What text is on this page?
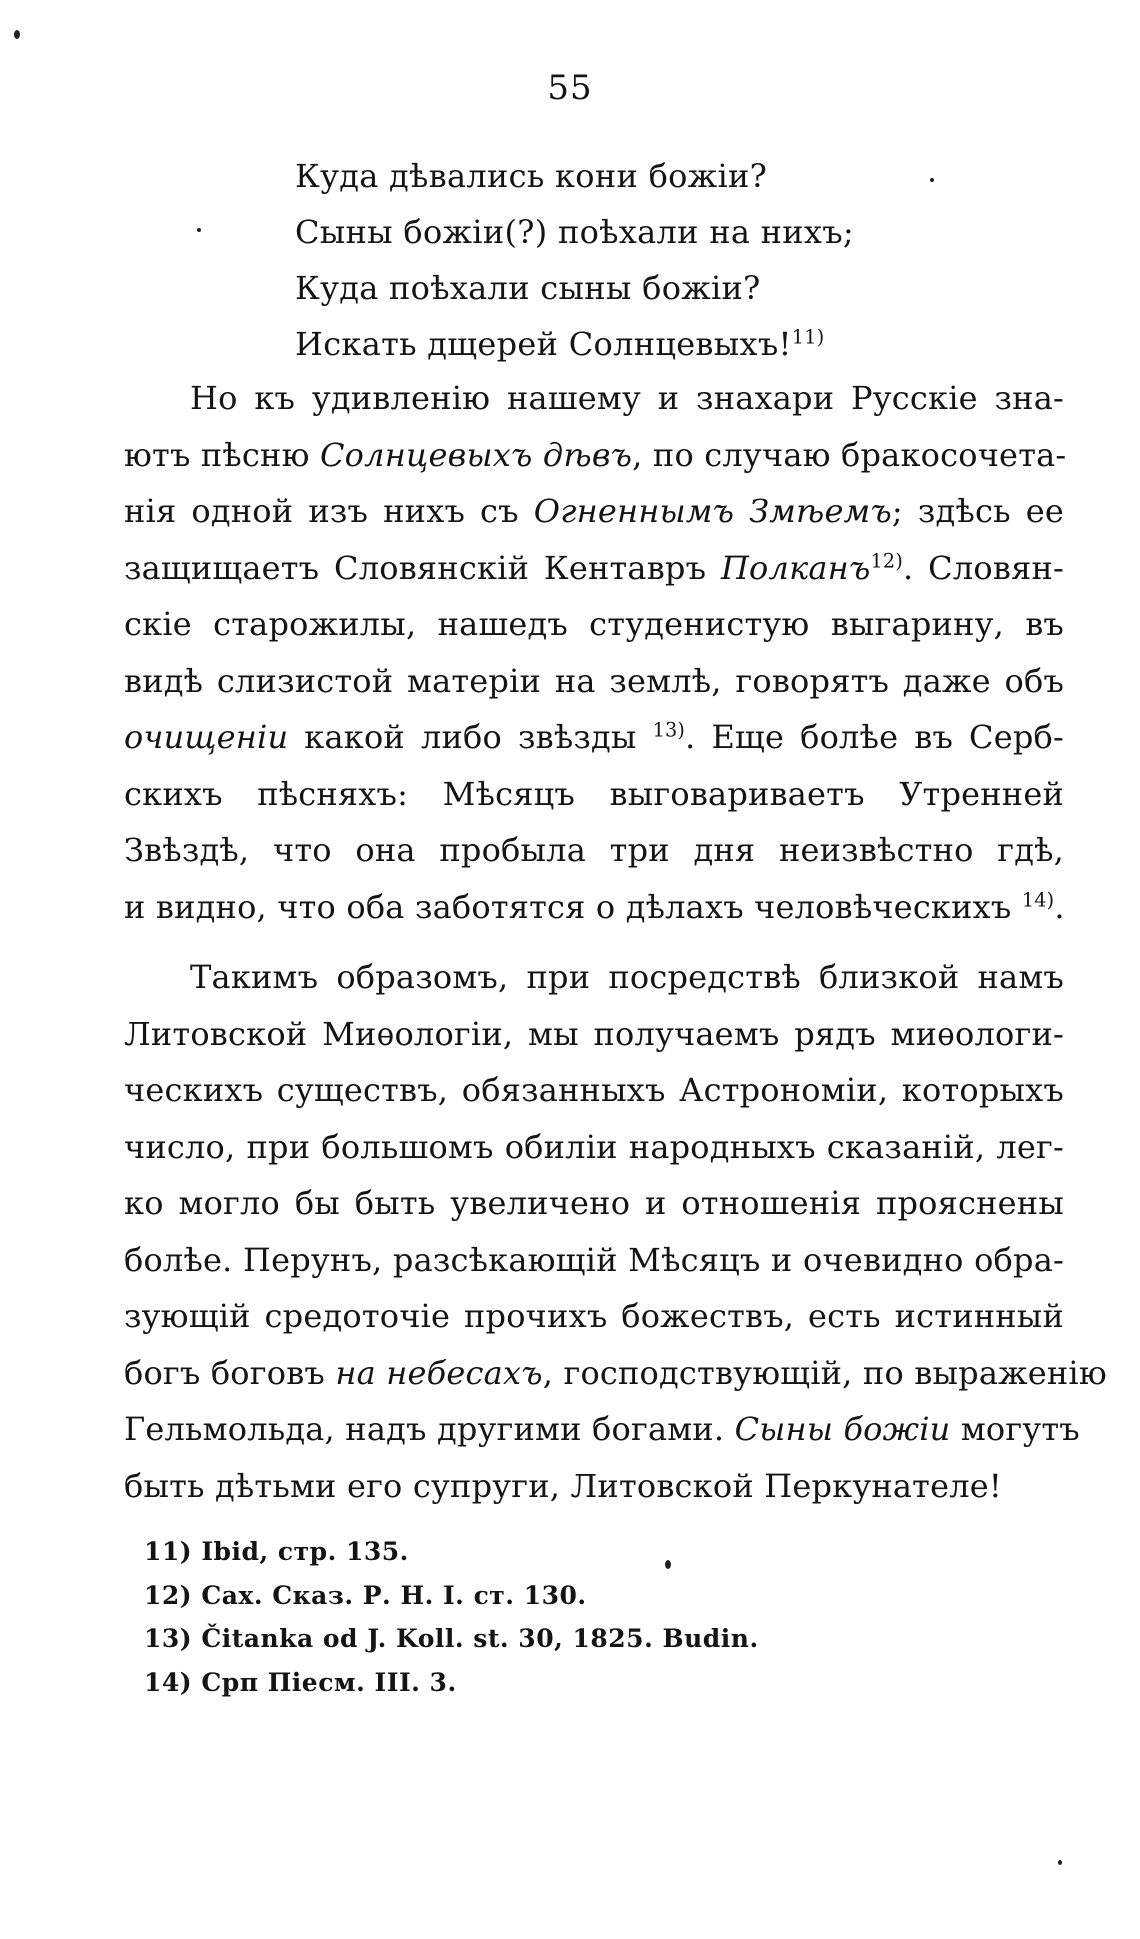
55
Куда дѣвались кони божіи?
Сыны божіи(?) поѣхали на нихъ;
Куда поѣхали сыны божіи?
Искать дщерей Солнцевыхъ!$^{11)}$

Но къ удивленію нашему и знахари Русскіе знa-
ютъ пѣсню Солнцевыхъ дѣвъ, по случаю бракосочета-
нія одной изъ нихъ съ Огненнымъ Змѣемъ; здѣсь ее
защищаетъ Словянскій Кентавръ Полканъ$^{12)}$. Словян-
скіе старожилы, нашедъ студенистую выгарину, въ
видѣ слизистой матеріи на землѣ, говорятъ даже объ
очищеніи какой либо звѣзды $^{13)}$. Еще болѣе въ Серб-
скихъ пѣсняхъ: Мѣсяцъ выговариваетъ Утренней
Звѣздѣ, что она пробыла три дня неизвѣстно гдѣ,
и видно, что оба заботятся о дѣлахъ человѣческихъ $^{14)}$.

Такимъ образомъ, при посредствѣ близкой намъ
Литовской Миѳологіи, мы получаемъ рядъ миѳологи-
ческихъ существъ, обязанныхъ Астрономіи, которыхъ
число, при большомъ обиліи народныхъ сказаній, лег-
ко могло бы быть увеличено и отношенія прояснены
болѣе. Перунъ, разсѣкающій Мѣсяцъ и очевидно обра-
зующій средоточіе прочихъ божествъ, есть истинный
богъ боговъ на небесахъ, господствующій, по выраженію
Гельмольда, надъ другими богами. Сыны божіи могутъ
быть дѣтьми его супруги, Литовской Перкунателе!

11) Ibid, стр. 135.
12) Сах. Сказ. Р. Н. I. ст. 130.
13) Čitanka od J. Koll. st. 30, 1825. Budin.
14) Срп Піесм. III. 3.
